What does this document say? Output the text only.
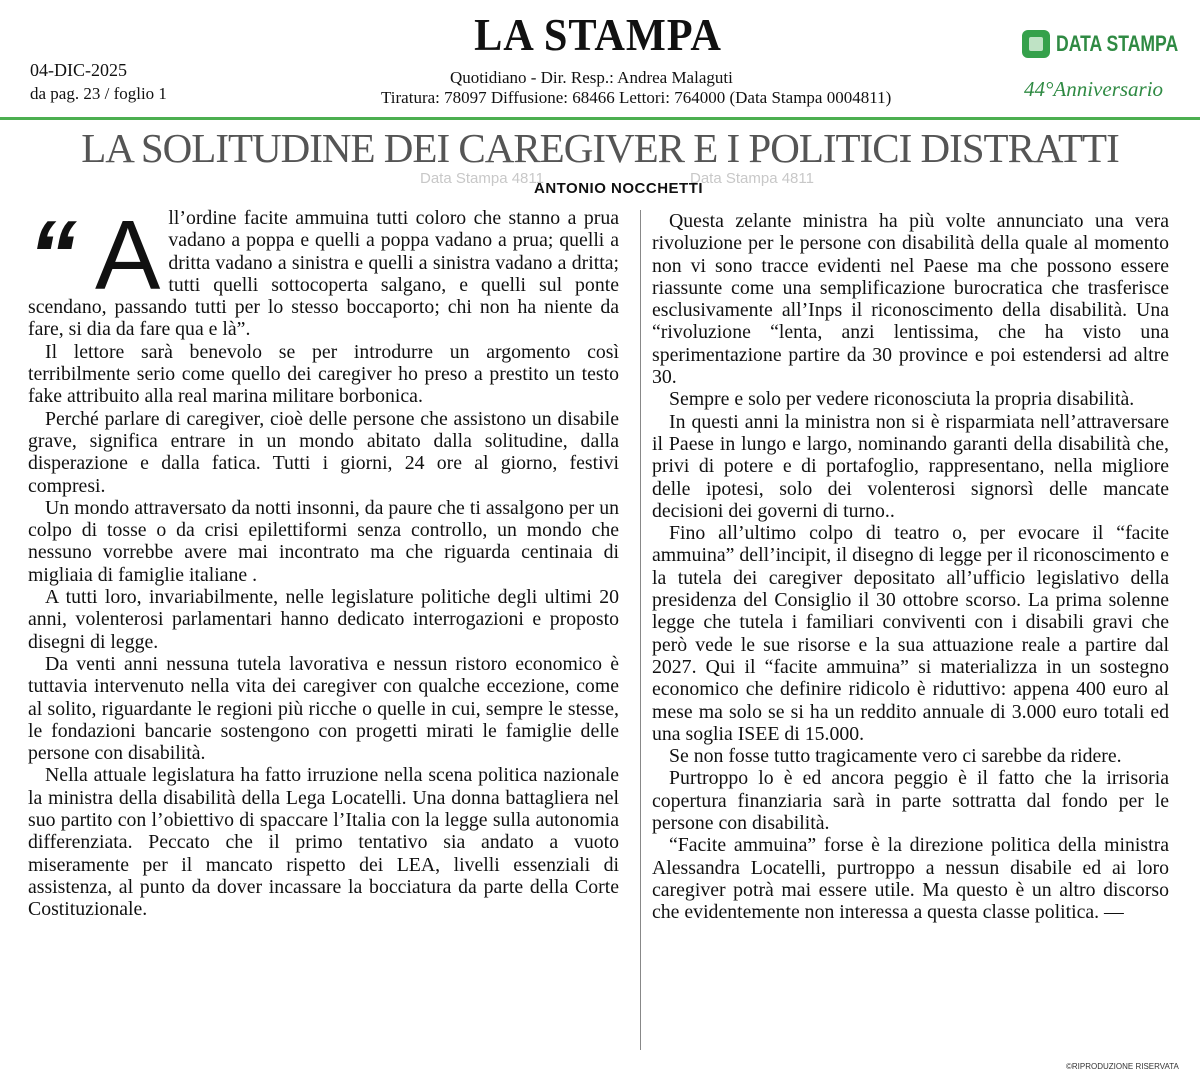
LA STAMPA
04-DIC-2025
da pag. 23 / foglio 1
Quotidiano - Dir. Resp.: Andrea Malaguti
Tiratura: 78097 Diffusione: 68466 Lettori: 764000 (Data Stampa 0004811)
DATA STAMPA
44°Anniversario
LA SOLITUDINE DEI CAREGIVER E I POLITICI DISTRATTI
Data Stampa 4811	Data Stampa 4811
ANTONIO NOCCHETTI

“ A ll’ordine facite ammuina tutti coloro che stanno a prua vadano a poppa e quelli a poppa vadano a prua; quelli a dritta vadano a sinistra e quelli a sinistra vadano a dritta; tutti quelli sottocoperta salgano, e quelli sul ponte scendano, passando tutti per lo stesso boccaporto; chi non ha niente da fare, si dia da fare qua e là”.

Il lettore sarà benevolo se per introdurre un argomento così terribilmente serio come quello dei caregiver ho preso a prestito un testo fake attribuito alla real marina militare borbonica.

Perché parlare di caregiver, cioè delle persone che assistono un disabile grave, significa entrare in un mondo abitato dalla solitudine, dalla disperazione e dalla fatica. Tutti i giorni, 24 ore al giorno, festivi compresi.

Un mondo attraversato da notti insonni, da paure che ti assalgono per un colpo di tosse o da crisi epilettiformi senza controllo, un mondo che nessuno vorrebbe avere mai incontrato ma che riguarda centinaia di migliaia di famiglie italiane .

A tutti loro, invariabilmente, nelle legislature politiche degli ultimi 20 anni, volenterosi parlamentari hanno dedicato interrogazioni e proposto disegni di legge.

Da venti anni nessuna tutela lavorativa e nessun ristoro economico è tuttavia intervenuto nella vita dei caregiver con qualche eccezione, come al solito, riguardante le regioni più ricche o quelle in cui, sempre le stesse, le fondazioni bancarie sostengono con progetti mirati le famiglie delle persone con disabilità.

Nella attuale legislatura ha fatto irruzione nella scena politica nazionale la ministra della disabilità della Lega Locatelli. Una donna battagliera nel suo partito con l’obiettivo di spaccare l’Italia con la legge sulla autonomia differenziata. Peccato che il primo tentativo sia andato a vuoto miseramente per il mancato rispetto dei LEA, livelli essenziali di assistenza, al punto da dover incassare la bocciatura da parte della Corte Costituzionale.

Questa zelante ministra ha più volte annunciato una vera rivoluzione per le persone con disabilità della quale al momento non vi sono tracce evidenti nel Paese ma che possono essere riassunte come una semplificazione burocratica che trasferisce esclusivamente all’Inps il riconoscimento della disabilità. Una “rivoluzione “lenta, anzi lentissima, che ha visto una sperimentazione partire da 30 province e poi estendersi ad altre 30.

Sempre e solo per vedere riconosciuta la propria disabilità.

In questi anni la ministra non si è risparmiata nell’attraversare il Paese in lungo e largo, nominando garanti della disabilità che, privi di potere e di portafoglio, rappresentano, nella migliore delle ipotesi, solo dei volenterosi signorsì delle mancate decisioni dei governi di turno..

Fino all’ultimo colpo di teatro o, per evocare il “facite ammuina” dell’incipit, il disegno di legge per il riconoscimento e la tutela dei caregiver depositato all’ufficio legislativo della presidenza del Consiglio il 30 ottobre scorso. La prima solenne legge che tutela i familiari conviventi con i disabili gravi che però vede le sue risorse e la sua attuazione reale a partire dal 2027. Qui il “facite ammuina” si materializza in un sostegno economico che definire ridicolo è riduttivo: appena 400 euro al mese ma solo se si ha un reddito annuale di 3.000 euro totali ed una soglia ISEE di 15.000.

Se non fosse tutto tragicamente vero ci sarebbe da ridere.

Purtroppo lo è ed ancora peggio è il fatto che la irrisoria copertura finanziaria sarà in parte sottratta dal fondo per le persone con disabilità.

“Facite ammuina” forse è la direzione politica della ministra Alessandra Locatelli, purtroppo a nessun disabile ed ai loro caregiver potrà mai essere utile. Ma questo è un altro discorso che evidentemente non interessa a questa classe politica. —

©RIPRODUZIONE RISERVATA
